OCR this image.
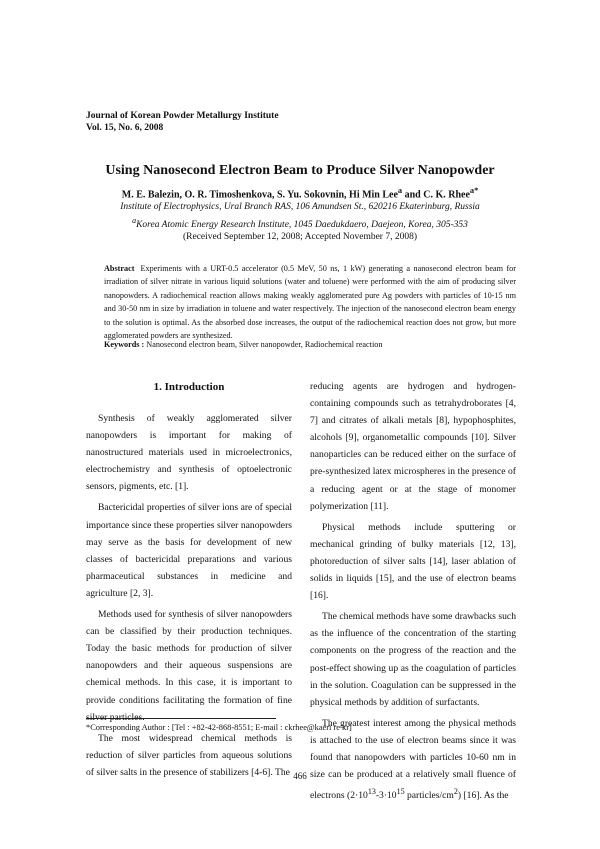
Journal of Korean Powder Metallurgy Institute
Vol. 15, No. 6, 2008
Using Nanosecond Electron Beam to Produce Silver Nanopowder
M. E. Balezin, O. R. Timoshenkova, S. Yu. Sokovnin, Hi Min Lee$^a$ and C. K. Rhee$^{a*}$
Institute of Electrophysics, Ural Branch RAS, 106 Amundsen St., 620216 Ekaterinburg, Russia
$^a$Korea Atomic Energy Research Institute, 1045 Daedukdaero, Daejeon, Korea, 305-353
(Received September 12, 2008; Accepted November 7, 2008)
Abstract Experiments with a URT-0.5 accelerator (0.5 MeV, 50 ns, 1 kW) generating a nanosecond electron beam for irradiation of silver nitrate in various liquid solutions (water and toluene) were performed with the aim of producing silver nanopowders. A radiochemical reaction allows making weakly agglomerated pure Ag powders with particles of 10-15 nm and 30-50 nm in size by irradiation in toluene and water respectively. The injection of the nanosecond electron beam energy to the solution is optimal. As the absorbed dose increases, the output of the radiochemical reaction does not grow, but more agglomerated powders are synthesized.
Keywords : Nanosecond electron beam, Silver nanopowder, Radiochemical reaction
1. Introduction

Synthesis of weakly agglomerated silver nanopowders is important for making of nanostructured materials used in microelectronics, electrochemistry and synthesis of optoelectronic sensors, pigments, etc. [1].

Bactericidal properties of silver ions are of special importance since these properties silver nanopowders may serve as the basis for development of new classes of bactericidal preparations and various pharmaceutical substances in medicine and agriculture [2, 3].

Methods used for synthesis of silver nanopowders can be classified by their production techniques. Today the basic methods for production of silver nanopowders and their aqueous suspensions are chemical methods. In this case, it is important to provide conditions facilitating the formation of fine silver particles.

The most widespread chemical methods is reduction of silver particles from aqueous solutions of silver salts in the presence of stabilizers [4-6]. The

reducing agents are hydrogen and hydrogen-containing compounds such as tetrahydroborates [4, 7] and citrates of alkali metals [8], hypophosphites, alcohols [9], organometallic compounds [10]. Silver nanoparticles can be reduced either on the surface of pre-synthesized latex microspheres in the presence of a reducing agent or at the stage of monomer polymerization [11].

Physical methods include sputtering or mechanical grinding of bulky materials [12, 13], photoreduction of silver salts [14], laser ablation of solids in liquids [15], and the use of electron beams [16].

The chemical methods have some drawbacks such as the influence of the concentration of the starting components on the progress of the reaction and the post-effect showing up as the coagulation of particles in the solution. Coagulation can be suppressed in the physical methods by addition of surfactants.

The greatest interest among the physical methods is attached to the use of electron beams since it was found that nanopowders with particles 10-60 nm in size can be produced at a relatively small fluence of electrons ($2\cdot 10^{13}-3\cdot 10^{15}$ particles/$cm^2$) [16]. As the

*Corresponding Author : [Tel : +82-42-868-8551; E-mail : ckrhee@kaeri re kr]
466
